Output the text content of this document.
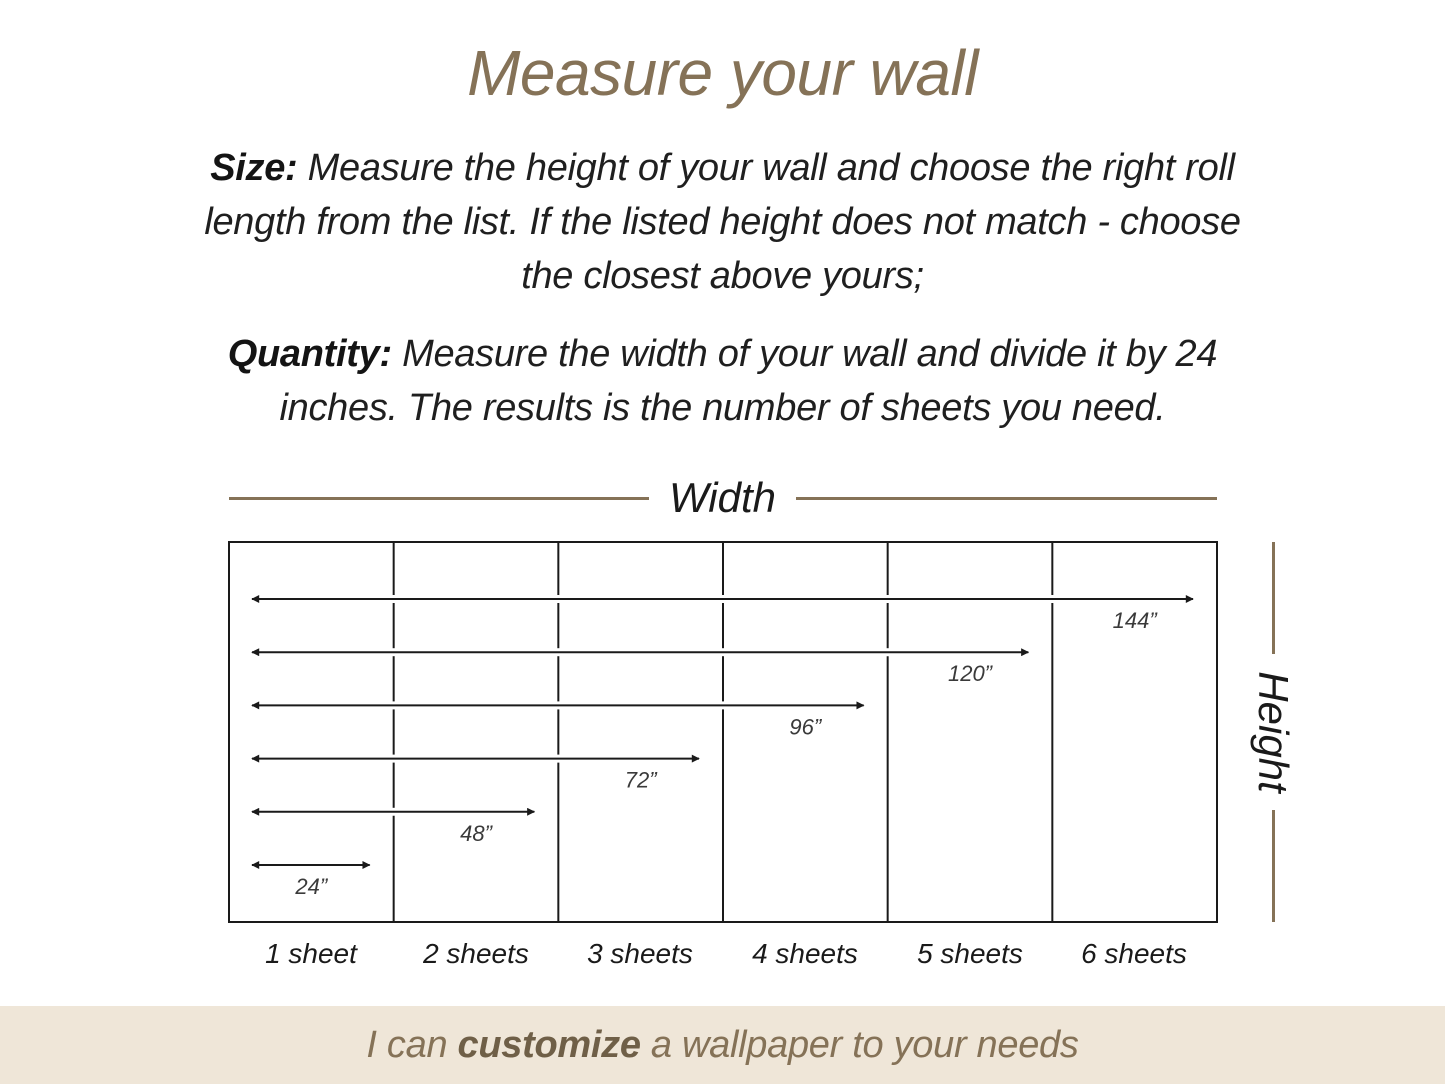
Measure your wall

Size: Measure the height of your wall and choose the right roll length from the list. If the listed height does not match - choose the closest above yours;

Quantity: Measure the width of your wall and divide it by 24 inches. The results is the number of sheets you need.

Width
144”
120”
96”
72”
48”
24”
Height
1 sheet	2 sheets	3 sheets	4 sheets	5 sheets	6 sheets
I can customize a wallpaper to your needs
